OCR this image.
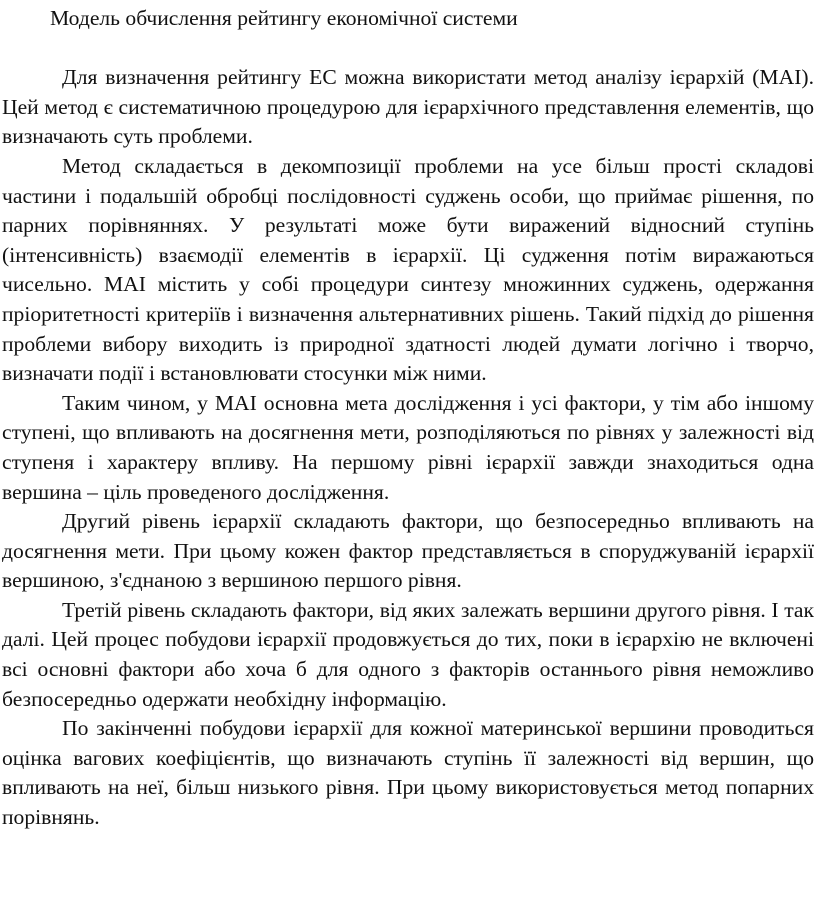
Модель обчислення рейтингу економічної системи

Для визначення рейтингу ЕС можна використати метод аналізу ієрархій (МАІ). Цей метод є систематичною процедурою для ієрархічного представлення елементів, що визначають суть проблеми.

Метод складається в декомпозиції проблеми на усе більш прості складові частини і подальшій обробці послідовності суджень особи, що приймає рішення, по парних порівняннях. У результаті може бути виражений відносний ступінь (інтенсивність) взаємодії елементів в ієрархії. Ці судження потім виражаються чисельно. МАІ містить у собі процедури синтезу множинних суджень, одержання пріоритетності критеріїв і визначення альтернативних рішень. Такий підхід до рішення проблеми вибору виходить із природної здатності людей думати логічно і творчо, визначати події і встановлювати стосунки між ними.

Таким чином, у МАІ основна мета дослідження і усі фактори, у тім або іншому ступені, що впливають на досягнення мети, розподіляються по рівнях у залежності від ступеня і характеру впливу. На першому рівні ієрархії завжди знаходиться одна вершина – ціль проведеного дослідження.

Другий рівень ієрархії складають фактори, що безпосередньо впливають на досягнення мети. При цьому кожен фактор представляється в споруджуваній ієрархії вершиною, з'єднаною з вершиною першого рівня.

Третій рівень складають фактори, від яких залежать вершини другого рівня. І так далі. Цей процес побудови ієрархії продовжується до тих, поки в ієрархію не включені всі основні фактори або хоча б для одного з факторів останнього рівня неможливо безпосередньо одержати необхідну інформацію.

По закінченні побудови ієрархії для кожної материнської вершини проводиться оцінка вагових коефіцієнтів, що визначають ступінь її залежності від вершин, що впливають на неї, більш низького рівня. При цьому використовується метод попарних порівнянь.
